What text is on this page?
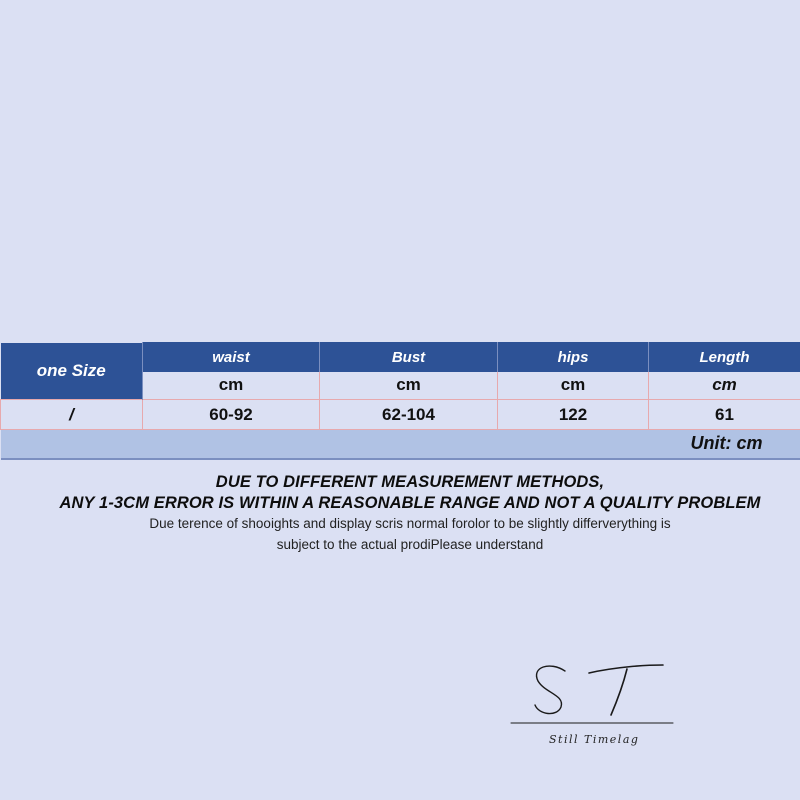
one Size	waist	Bust	hips	Length
	cm	cm	cm	cm
/	60-92	62-104	122	61
Unit: cm				

DUE TO DIFFERENT MEASUREMENT METHODS,

ANY 1-3CM ERROR IS WITHIN A REASONABLE RANGE AND NOT A QUALITY PROBLEM

Due terence of shooights and display scris normal forolor to be slightly differverything is

subject to the actual prodiPlease understand

Still Timelag
